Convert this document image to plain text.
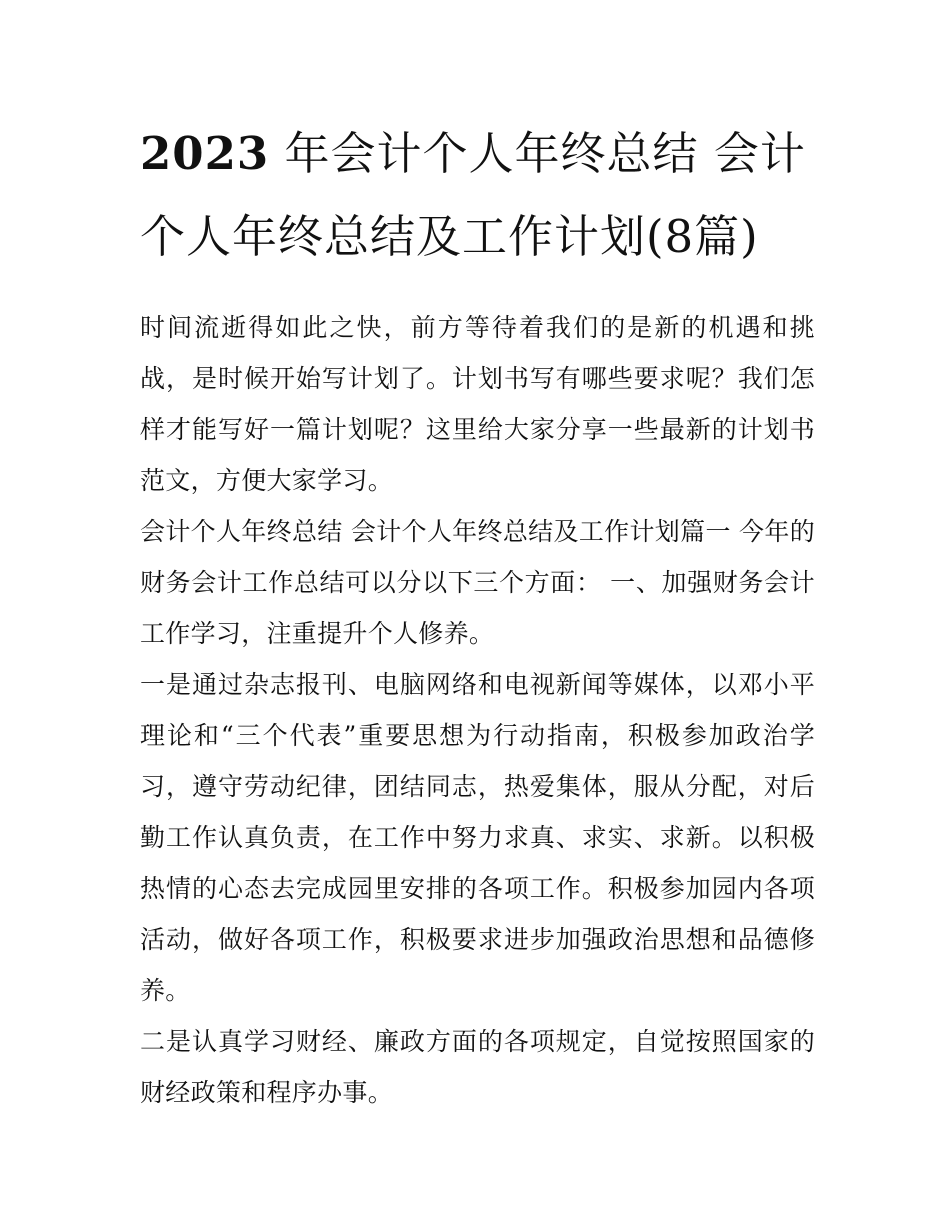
2023 年会计个人年终总结 会计个人年终总结及工作计划(8篇)

时间流逝得如此之快，前方等待着我们的是新的机遇和挑战，是时候开始写计划了。计划书写有哪些要求呢？我们怎样才能写好一篇计划呢？这里给大家分享一些最新的计划书范文，方便大家学习。

会计个人年终总结 会计个人年终总结及工作计划篇一 今年的财务会计工作总结可以分以下三个方面： 一、加强财务会计工作学习，注重提升个人修养。

一是通过杂志报刊、电脑网络和电视新闻等媒体，以邓小平理论和“三个代表”重要思想为行动指南，积极参加政治学习，遵守劳动纪律，团结同志，热爱集体，服从分配，对后勤工作认真负责，在工作中努力求真、求实、求新。以积极热情的心态去完成园里安排的各项工作。积极参加园内各项活动，做好各项工作，积极要求进步加强政治思想和品德修养。

二是认真学习财经、廉政方面的各项规定，自觉按照国家的财经政策和程序办事。
